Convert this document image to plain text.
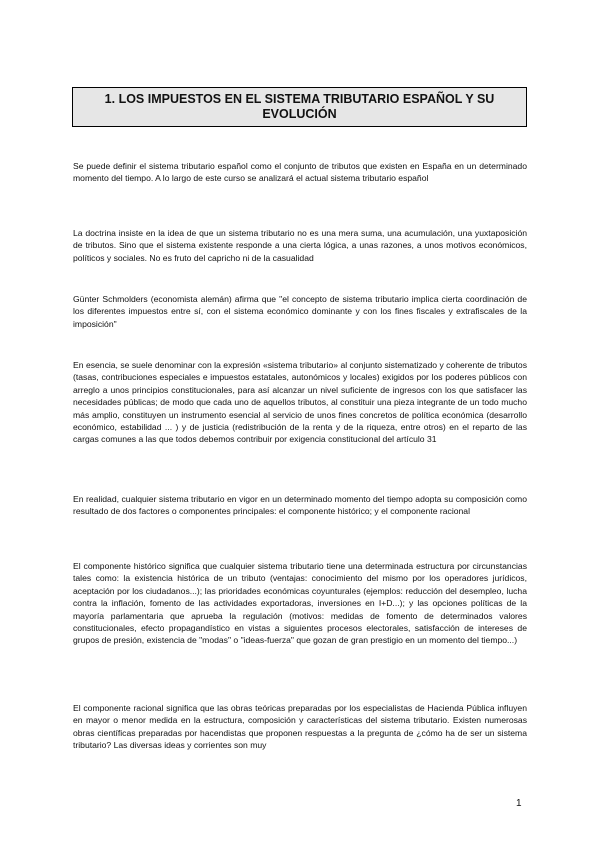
1. LOS IMPUESTOS EN EL SISTEMA TRIBUTARIO ESPAÑOL Y SU EVOLUCIÓN

Se puede definir el sistema tributario español como el conjunto de tributos que existen en España en un determinado momento del tiempo. A lo largo de este curso se analizará el actual sistema tributario español

La doctrina insiste en la idea de que un sistema tributario no es una mera suma, una acumulación, una yuxtaposición de tributos. Sino que el sistema existente responde a una cierta lógica, a unas razones, a unos motivos económicos, políticos y sociales. No es fruto del capricho ni de la casualidad

Günter Schmolders (economista alemán) afirma que "el concepto de sistema tributario implica cierta coordinación de los diferentes impuestos entre sí, con el sistema económico dominante y con los fines fiscales y extrafiscales de la imposición"

En esencia, se suele denominar con la expresión «sistema tributario» al conjunto sistematizado y coherente de tributos (tasas, contribuciones especiales e impuestos estatales, autonómicos y locales) exigidos por los poderes públicos con arreglo a unos principios constitucionales, para así alcanzar un nivel suficiente de ingresos con los que satisfacer las necesidades públicas; de modo que cada uno de aquellos tributos, al constituir una pieza integrante de un todo mucho más amplio, constituyen un instrumento esencial al servicio de unos fines concretos de política económica (desarrollo económico, estabilidad ... ) y de justicia (redistribución de la renta y de la riqueza, entre otros) en el reparto de las cargas comunes a las que todos debemos contribuir por exigencia constitucional del artículo 31

En realidad, cualquier sistema tributario en vigor en un determinado momento del tiempo adopta su composición como resultado de dos factores o componentes principales: el componente histórico; y el componente racional

El componente histórico significa que cualquier sistema tributario tiene una determinada estructura por circunstancias tales como: la existencia histórica de un tributo (ventajas: conocimiento del mismo por los operadores jurídicos, aceptación por los ciudadanos...); las prioridades económicas coyunturales (ejemplos: reducción del desempleo, lucha contra la inflación, fomento de las actividades exportadoras, inversiones en I+D...); y las opciones políticas de la mayoría parlamentaria que aprueba la regulación (motivos: medidas de fomento de determinados valores constitucionales, efecto propagandístico en vistas a siguientes procesos electorales, satisfacción de intereses de grupos de presión, existencia de "modas" o "ideas-fuerza" que gozan de gran prestigio en un momento del tiempo...)

El componente racional significa que las obras teóricas preparadas por los especialistas de Hacienda Pública influyen en mayor o menor medida en la estructura, composición y características del sistema tributario. Existen numerosas obras científicas preparadas por hacendistas que proponen respuestas a la pregunta de ¿cómo ha de ser un sistema tributario? Las diversas ideas y corrientes son muy

1
